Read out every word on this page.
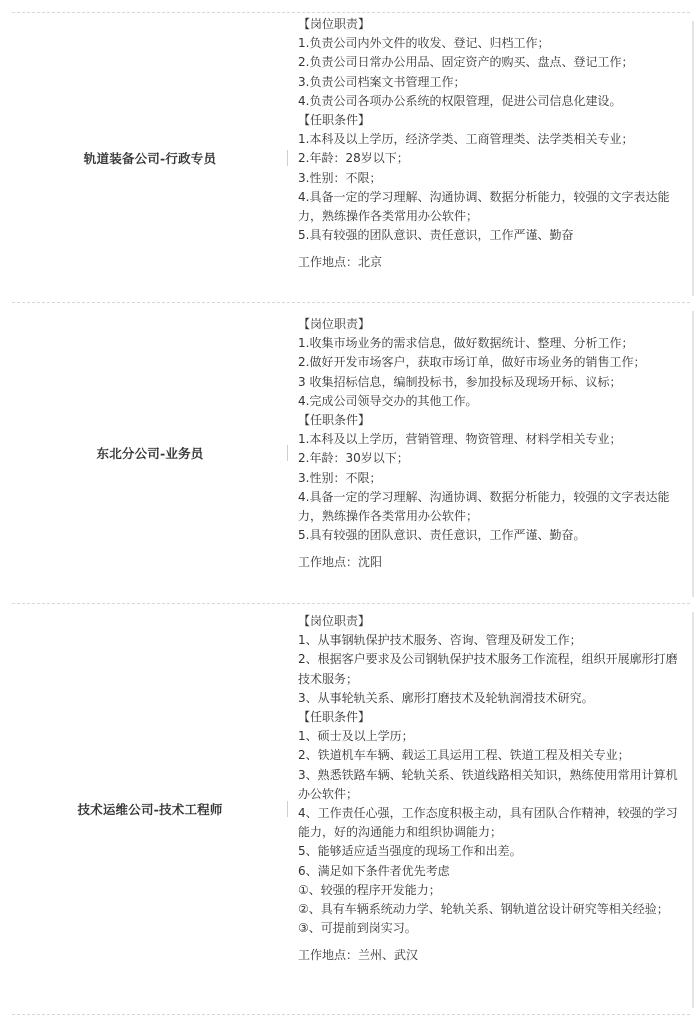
轨道装备公司-行政专员
【岗位职责】
1.负责公司内外文件的收发、登记、归档工作；
2.负责公司日常办公用品、固定资产的购买、盘点、登记工作；
3.负责公司档案文书管理工作；
4.负责公司各项办公系统的权限管理，促进公司信息化建设。
【任职条件】
1.本科及以上学历，经济学类、工商管理类、法学类相关专业；
2.年龄：28岁以下；
3.性别：不限；
4.具备一定的学习理解、沟通协调、数据分析能力，较强的文字表达能力，熟练操作各类常用办公软件；
5.具有较强的团队意识、责任意识，工作严谨、勤奋
工作地点：北京
东北分公司-业务员
【岗位职责】
1.收集市场业务的需求信息，做好数据统计、整理、分析工作；
2.做好开发市场客户，获取市场订单，做好市场业务的销售工作；
3 收集招标信息，编制投标书，参加投标及现场开标、议标；
4.完成公司领导交办的其他工作。
【任职条件】
1.本科及以上学历，营销管理、物资管理、材料学相关专业；
2.年龄：30岁以下；
3.性别：不限；
4.具备一定的学习理解、沟通协调、数据分析能力，较强的文字表达能力，熟练操作各类常用办公软件；
5.具有较强的团队意识、责任意识，工作严谨、勤奋。
工作地点：沈阳
技术运维公司-技术工程师
【岗位职责】
1、从事钢轨保护技术服务、咨询、管理及研发工作；
2、根据客户要求及公司钢轨保护技术服务工作流程，组织开展廓形打磨技术服务；
3、从事轮轨关系、廓形打磨技术及轮轨润滑技术研究。
【任职条件】
1、硕士及以上学历；
2、铁道机车车辆、载运工具运用工程、铁道工程及相关专业；
3、熟悉铁路车辆、轮轨关系、铁道线路相关知识，熟练使用常用计算机办公软件；
4、工作责任心强，工作态度积极主动，具有团队合作精神，较强的学习能力，好的沟通能力和组织协调能力；
5、能够适应适当强度的现场工作和出差。
6、满足如下条件者优先考虑
①、较强的程序开发能力；
②、具有车辆系统动力学、轮轨关系、钢轨道岔设计研究等相关经验；
③、可提前到岗实习。
工作地点：兰州、武汉
